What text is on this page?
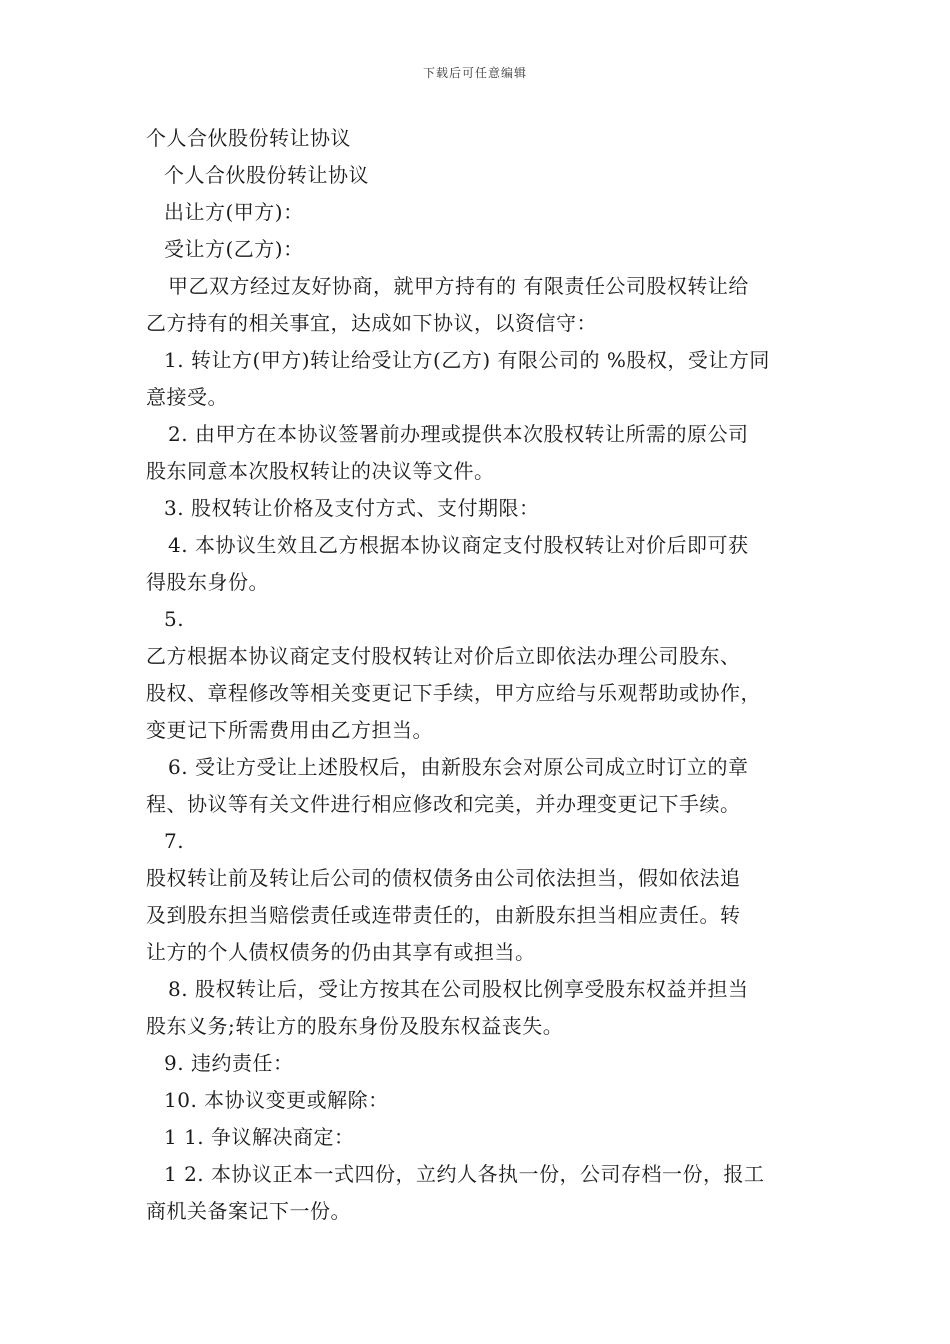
下载后可任意编辑
个人合伙股份转让协议
个人合伙股份转让协议
出让方(甲方)：
受让方(乙方)：
甲乙双方经过友好协商，就甲方持有的 有限责任公司股权转让给
乙方持有的相关事宜，达成如下协议，以资信守：
1. 转让方(甲方)转让给受让方(乙方) 有限公司的 %股权，受让方同
意接受。
2. 由甲方在本协议签署前办理或提供本次股权转让所需的原公司
股东同意本次股权转让的决议等文件。
3. 股权转让价格及支付方式、支付期限：
4. 本协议生效且乙方根据本协议商定支付股权转让对价后即可获
得股东身份。
5.
乙方根据本协议商定支付股权转让对价后立即依法办理公司股东、
股权、章程修改等相关变更记下手续，甲方应给与乐观帮助或协作，
变更记下所需费用由乙方担当。
6. 受让方受让上述股权后，由新股东会对原公司成立时订立的章
程、协议等有关文件进行相应修改和完美，并办理变更记下手续。
7.
股权转让前及转让后公司的债权债务由公司依法担当，假如依法追
及到股东担当赔偿责任或连带责任的，由新股东担当相应责任。转
让方的个人债权债务的仍由其享有或担当。
8. 股权转让后，受让方按其在公司股权比例享受股东权益并担当
股东义务;转让方的股东身份及股东权益丧失。
9. 违约责任：
10. 本协议变更或解除：
1 1. 争议解决商定：
1 2. 本协议正本一式四份，立约人各执一份，公司存档一份，报工
商机关备案记下一份。
